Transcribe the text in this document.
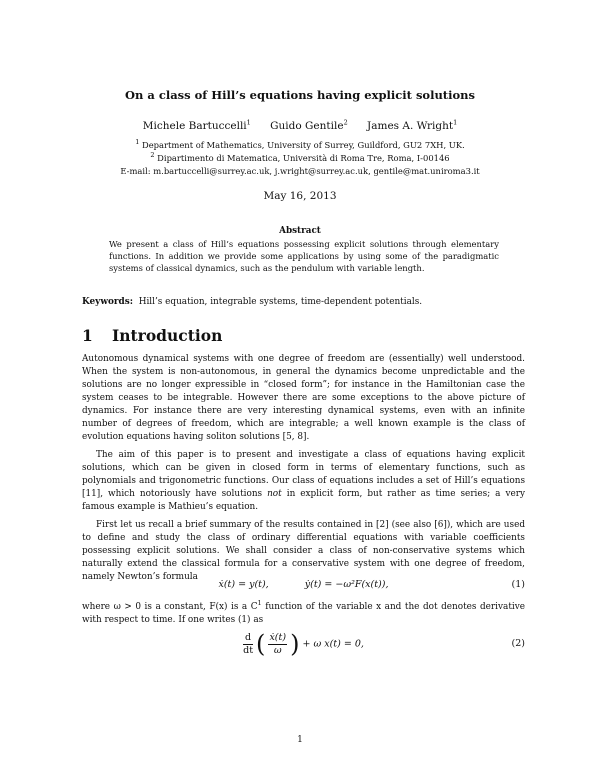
On a class of Hill’s equations having explicit solutions
Michele Bartuccelli$^1$ Guido Gentile$^2$ James A. Wright$^1$
$^1$ Department of Mathematics, University of Surrey, Guildford, GU2 7XH, UK.
$^2$ Dipartimento di Matematica, Università di Roma Tre, Roma, I-00146
E-mail: m.bartuccelli@surrey.ac.uk, j.wright@surrey.ac.uk, gentile@mat.uniroma3.it
May 16, 2013
Abstract
We present a class of Hill’s equations possessing explicit solutions through elementary functions. In addition we provide some applications by using some of the paradigmatic systems of classical dynamics, such as the pendulum with variable length.
Keywords: Hill’s equation, integrable systems, time-dependent potentials.
1 Introduction
Autonomous dynamical systems with one degree of freedom are (essentially) well understood. When the system is non-autonomous, in general the dynamics become unpredictable and the solutions are no longer expressible in “closed form”; for instance in the Hamiltonian case the system ceases to be integrable. However there are some exceptions to the above picture of dynamics. For instance there are very interesting dynamical systems, even with an infinite number of degrees of freedom, which are integrable; a well known example is the class of evolution equations having soliton solutions [5, 8].
The aim of this paper is to present and investigate a class of equations having explicit solutions, which can be given in closed form in terms of elementary functions, such as polynomials and trigonometric functions. Our class of equations includes a set of Hill’s equations [11], which notoriously have solutions not in explicit form, but rather as time series; a very famous example is Mathieu’s equation.
First let us recall a brief summary of the results contained in [2] (see also [6]), which are used to define and study the class of ordinary differential equations with variable coefficients possessing explicit solutions. We shall consider a class of non-conservative systems which naturally extend the classical formula for a conservative system with one degree of freedom, namely Newton’s formula
ẋ(t) = y(t),	ẏ(t) = −ω²F(x(t)),	(1)
where ω > 0 is a constant, F(x) is a $C^1$ function of the variable x and the dot denotes derivative with respect to time. If one writes (1) as
$\frac{d}{dt}$ ( $\frac{\text{ẋ(t)}}{\omega}$ ) + ω x(t) = 0,	(2)
1
